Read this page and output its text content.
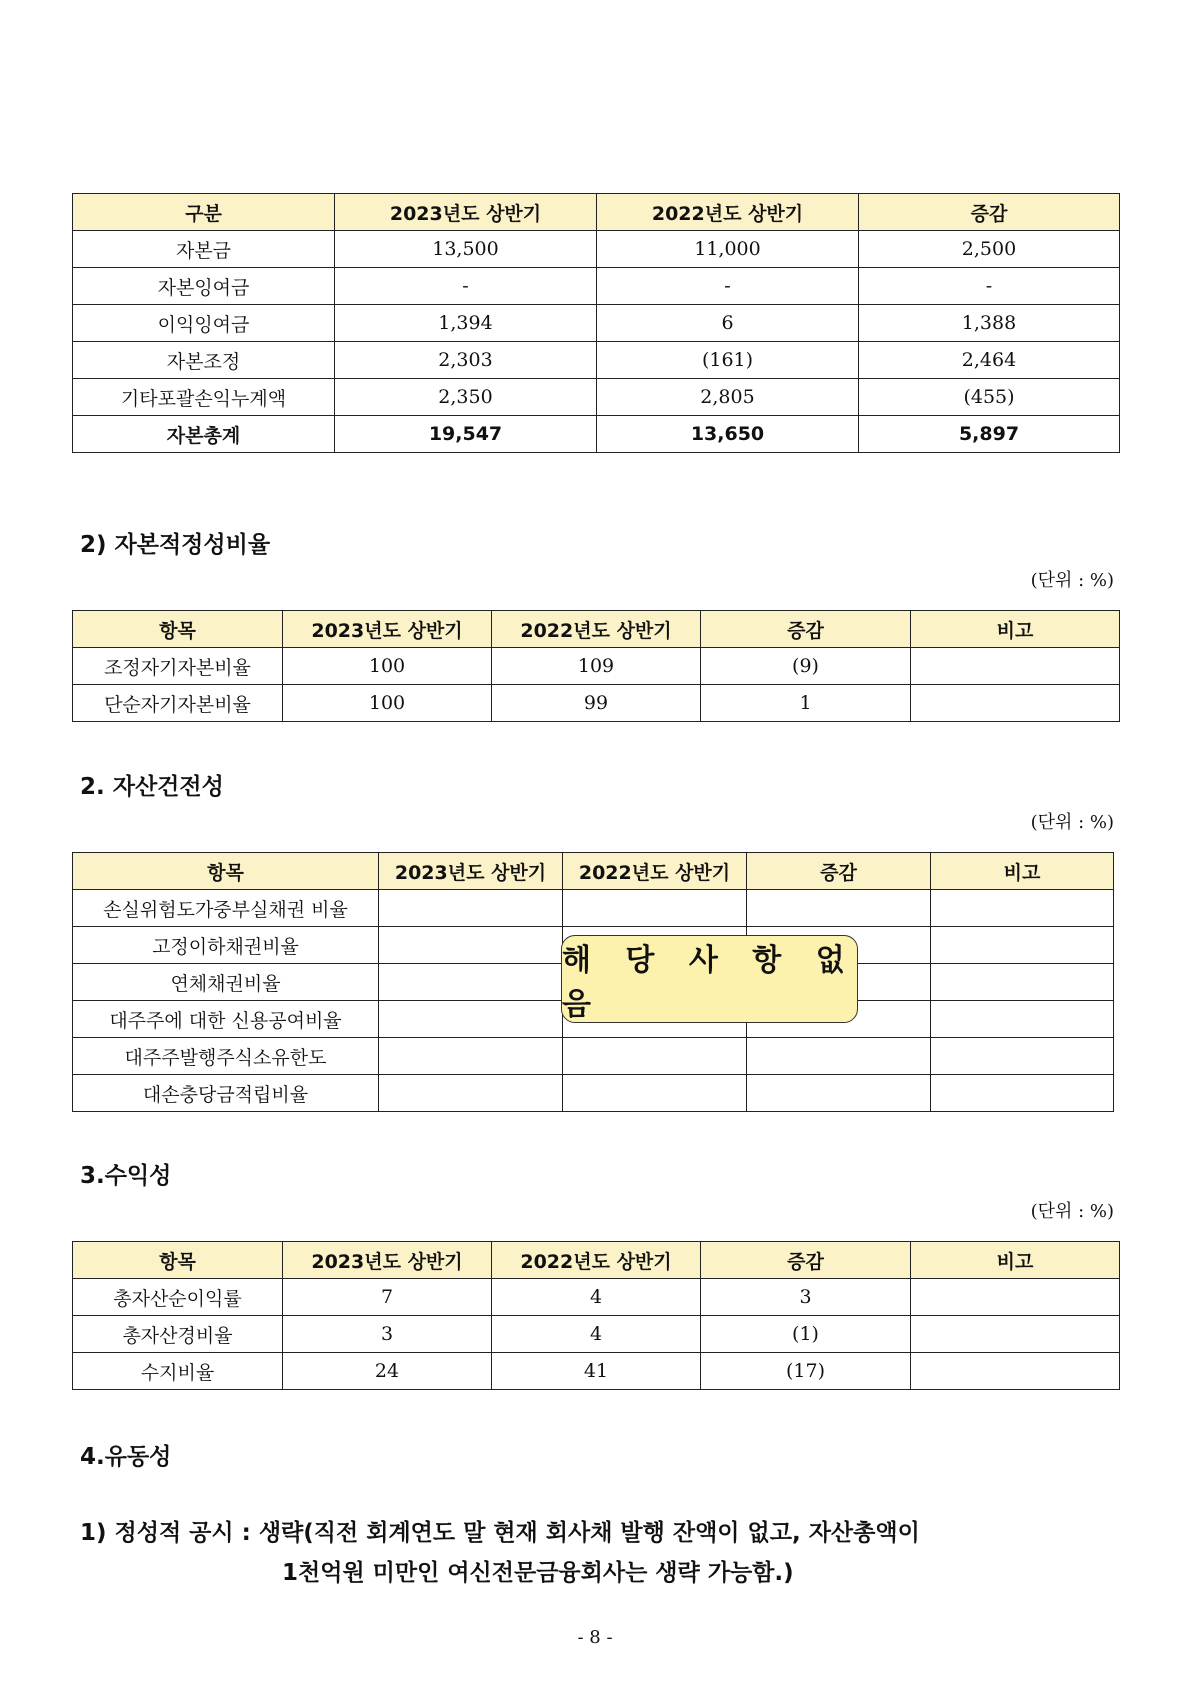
구분	2023년도 상반기	2022년도 상반기	증감
자본금	13,500	11,000	2,500
자본잉여금	-	-	-
이익잉여금	1,394	6	1,388
자본조정	2,303	(161)	2,464
기타포괄손익누계액	2,350	2,805	(455)
자본총계	19,547	13,650	5,897
2) 자본적정성비율
(단위 : %)
항목	2023년도 상반기	2022년도 상반기	증감	비고
조정자기자본비율	100	109	(9)	
단순자기자본비율	100	99	1	
2. 자산건전성
(단위 : %)
항목	2023년도 상반기	2022년도 상반기	증감	비고
손실위험도가중부실채권 비율				
고정이하채권비율				
연체채권비율				
대주주에 대한 신용공여비율				
대주주발행주식소유한도				
대손충당금적립비율				
해 당 사 항 없 음
3.수익성
(단위 : %)
항목	2023년도 상반기	2022년도 상반기	증감	비고
총자산순이익률	7	4	3	
총자산경비율	3	4	(1)	
수지비율	24	41	(17)	
4.유동성

1) 정성적 공시 : 생략(직전 회계연도 말 현재 회사채 발행 잔액이 없고, 자산총액이

1천억원 미만인 여신전문금융회사는 생략 가능함.)

- 8 -
